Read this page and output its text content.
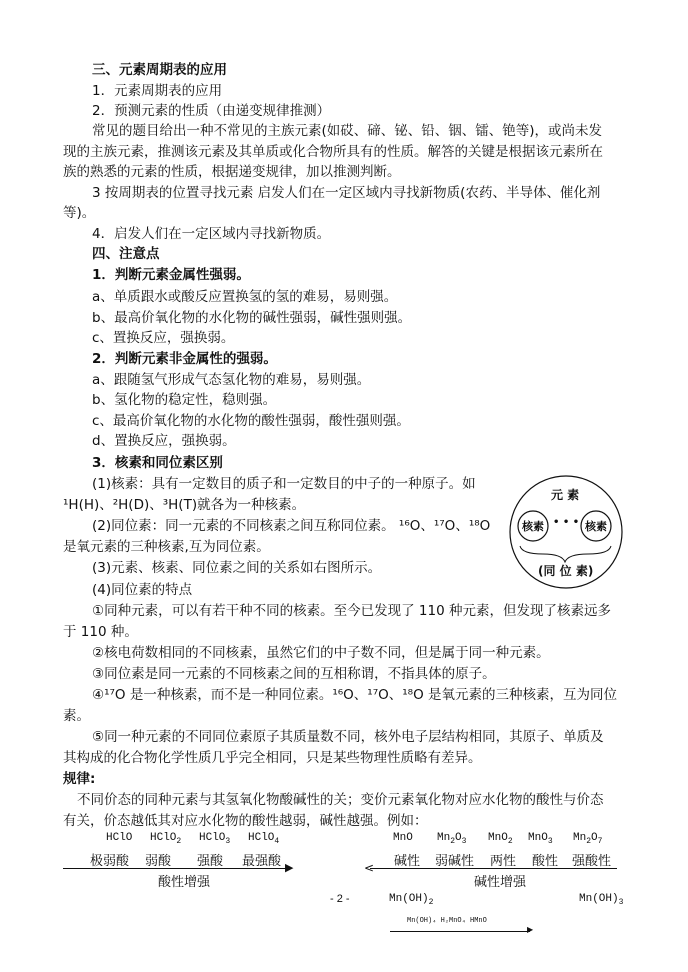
三、元素周期表的应用
1．元素周期表的应用
2．预测元素的性质（由递变规律推测）
常见的题目给出一种不常见的主族元素(如砹、碲、铋、铅、铟、镭、铯等)，或尚未发
现的主族元素，推测该元素及其单质或化合物所具有的性质。解答的关键是根据该元素所在
族的熟悉的元素的性质，根据递变规律，加以推测判断。
3 按周期表的位置寻找元素 启发人们在一定区域内寻找新物质(农药、半导体、催化剂
等)。
4．启发人们在一定区域内寻找新物质。
四、注意点
1．判断元素金属性强弱。
a、单质跟水或酸反应置换氢的氢的难易，易则强。
b、最高价氧化物的水化物的碱性强弱，碱性强则强。
c、置换反应，强换弱。
2．判断元素非金属性的强弱。
a、跟随氢气形成气态氢化物的难易，易则强。
b、氢化物的稳定性，稳则强。
c、最高价氧化物的水化物的酸性强弱，酸性强则强。
d、置换反应，强换弱。
3．核素和同位素区别
(1)核素：具有一定数目的质子和一定数目的中子的一种原子。如
¹H(H)、²H(D)、³H(T)就各为一种核素。
(2)同位素：同一元素的不同核素之间互称同位素。 ¹⁶O、¹⁷O、¹⁸O
是氧元素的三种核素,互为同位素。
(3)元素、核素、同位素之间的关系如右图所示。
(4)同位素的特点
①同种元素，可以有若干种不同的核素。至今已发现了 110 种元素，但发现了核素远多
于 110 种。
②核电荷数相同的不同核素，虽然它们的中子数不同，但是属于同一种元素。
③同位素是同一元素的不同核素之间的互相称谓，不指具体的原子。
④¹⁷O 是一种核素，而不是一种同位素。¹⁶O、¹⁷O、¹⁸O 是氧元素的三种核素，互为同位
素。
⑤同一种元素的不同同位素原子其质量数不同，核外电子层结构相同，其原子、单质及
其构成的化合物化学性质几乎完全相同，只是某些物理性质略有差异。
元 素
核素 • • • 核素
(同 位 素)
规律:
不同价态的同种元素与其氢氧化物酸碱性的关；变价元素氧化物对应水化物的酸性与价态
有关，价态越低其对应水化物的酸性越弱，碱性越强。例如：
HClO HClO$_2$ HClO$_3$ HClO$_4$
极弱酸 弱酸 强酸 最强酸 ▶
酸性增强
MnO $Mn_2O_3$ MnO$_2$ MnO$_3$ $Mn_2O_7$
碱性 弱碱性 两性 酸性 强酸性
<
碱性增强
$Mn(OH)_2$	$Mn(OH)_3$
- 2 -
Mn(OH)₄ H₂MnO₄ HMnO
▶
